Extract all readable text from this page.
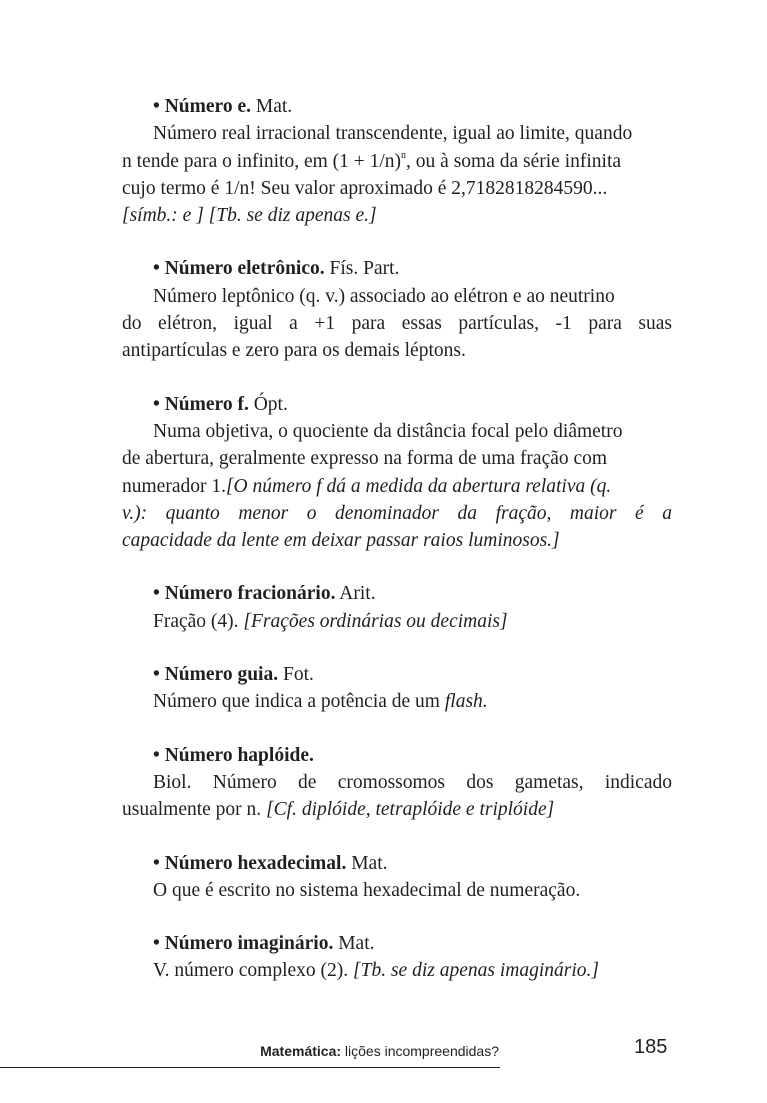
• Número e. Mat.
Número real irracional transcendente, igual ao limite, quando
n tende para o infinito, em $(1 + 1/n)^n$, ou à soma da série infinita
cujo termo é 1/n! Seu valor aproximado é 2,7182818284590...
[símb.: e ] [Tb. se diz apenas e.]
• Número eletrônico. Fís. Part.
Número leptônico (q. v.) associado ao elétron e ao neutrino
do elétron, igual a +1 para essas partículas, -1 para suas
antipartículas e zero para os demais léptons.
• Número f. Ópt.
Numa objetiva, o quociente da distância focal pelo diâmetro
de abertura, geralmente expresso na forma de uma fração com
numerador 1.[O número f dá a medida da abertura relativa (q.
v.): quanto menor o denominador da fração, maior é a
capacidade da lente em deixar passar raios luminosos.]
• Número fracionário. Arit.
Fração (4). [Frações ordinárias ou decimais]
• Número guia. Fot.
Número que indica a potência de um flash.
• Número haplóide.
Biol. Número de cromossomos dos gametas, indicado
usualmente por n. [Cf. diplóide, tetraplóide e triplóide]
• Número hexadecimal. Mat.
O que é escrito no sistema hexadecimal de numeração.
• Número imaginário. Mat.
V. número complexo (2). [Tb. se diz apenas imaginário.]
Matemática: lições incompreendidas?	185
